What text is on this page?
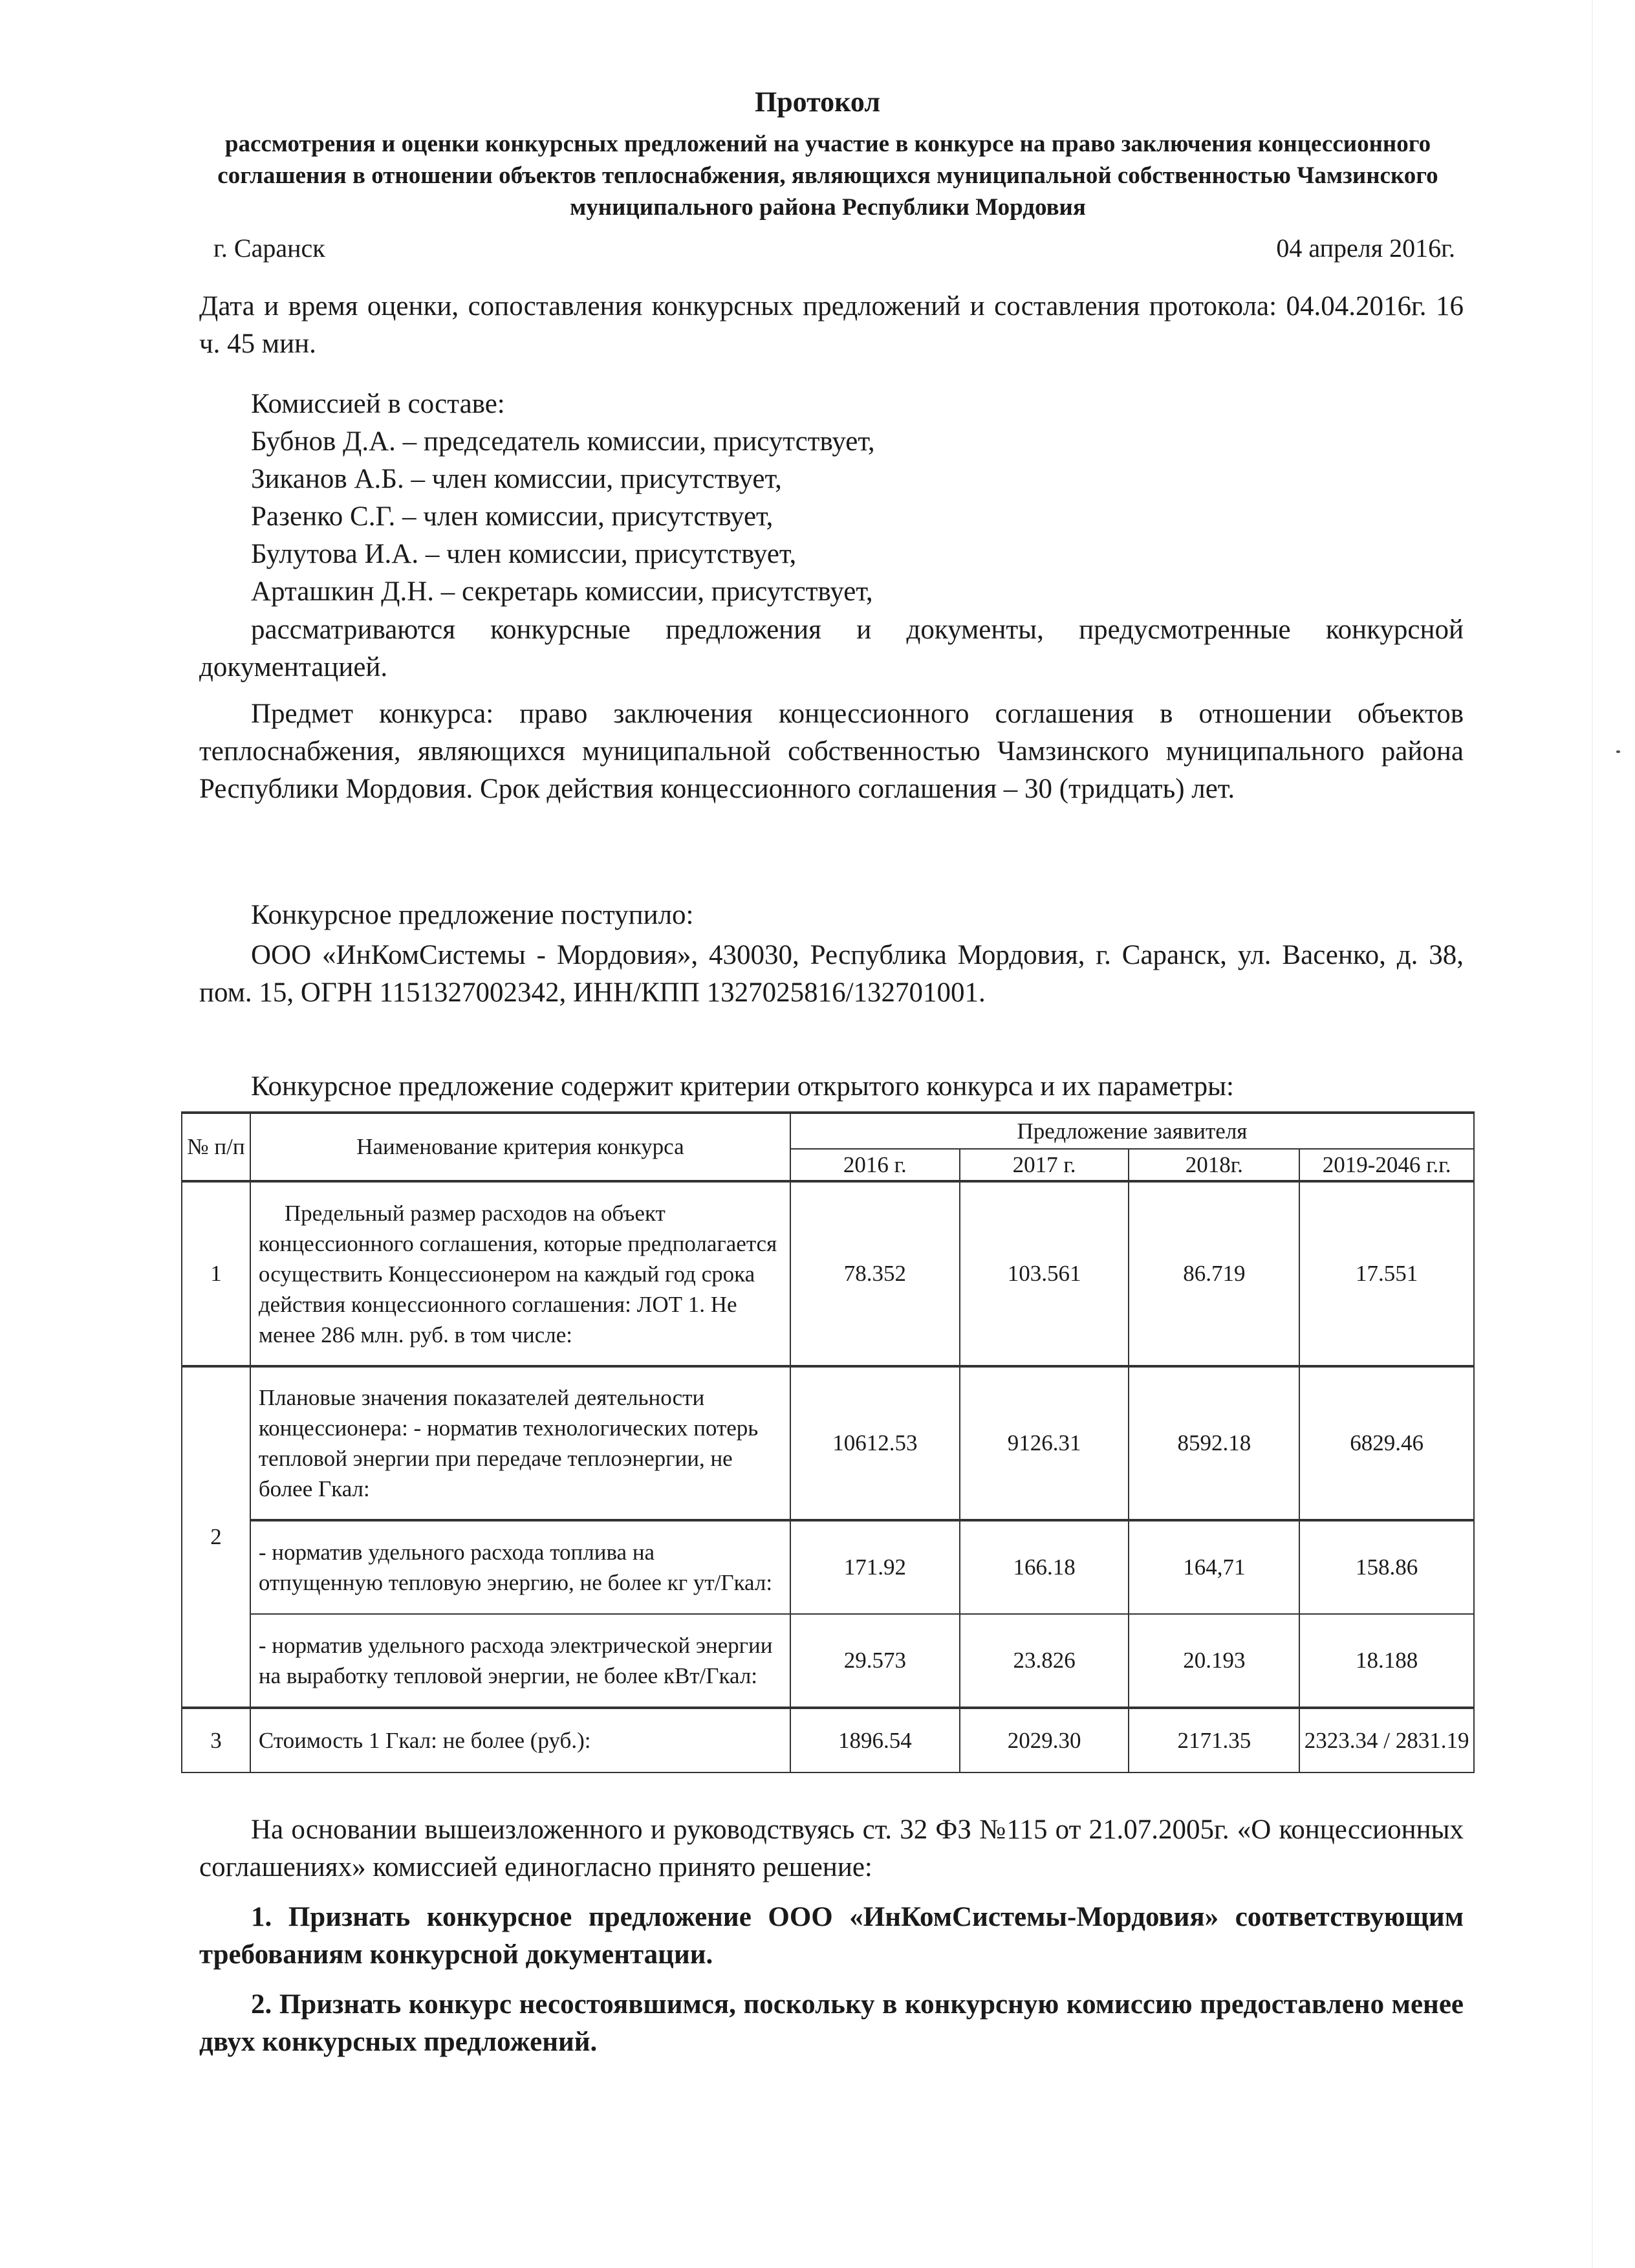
Протокол
рассмотрения и оценки конкурсных предложений на участие в конкурсе на право заключения концессионного соглашения в отношении объектов теплоснабжения, являющихся муниципальной собственностью Чамзинского муниципального района Республики Мордовия
г. Саранск	04 апреля 2016г.
Дата и время оценки, сопоставления конкурсных предложений и составления протокола: 04.04.2016г. 16 ч. 45 мин.
Комиссией в составе:
Бубнов Д.А. – председатель комиссии, присутствует,
Зиканов А.Б. – член комиссии, присутствует,
Разенко С.Г. – член комиссии, присутствует,
Булутова И.А. – член комиссии, присутствует,
Арташкин Д.Н. – секретарь комиссии, присутствует,
рассматриваются конкурсные предложения и документы, предусмотренные конкурсной документацией.
Предмет конкурса: право заключения концессионного соглашения в отношении объектов теплоснабжения, являющихся муниципальной собственностью Чамзинского муниципального района Республики Мордовия. Срок действия концессионного соглашения – 30 (тридцать) лет.
Конкурсное предложение поступило:
ООО «ИнКомСистемы - Мордовия», 430030, Республика Мордовия, г. Саранск, ул. Васенко, д. 38, пом. 15, ОГРН 1151327002342, ИНН/КПП 1327025816/132701001.
Конкурсное предложение содержит критерии открытого конкурса и их параметры:
№ п/п	Наименование критерия конкурса	Предложение заявителя			
		2016 г.	2017 г.	2018г.	2019-2046 г.г.
1	Предельный размер расходов на объект концессионного соглашения, которые предполагается осуществить Концессионером на каждый год срока действия концессионного соглашения: ЛОТ 1. Не менее 286 млн. руб. в том числе:	78.352	103.561	86.719	17.551
2	Плановые значения показателей деятельности концессионера: - норматив технологических потерь тепловой энергии при передаче теплоэнергии, не более Гкал:	10612.53	9126.31	8592.18	6829.46
	- норматив удельного расхода топлива на отпущенную тепловую энергию, не более кг ут/Гкал:	171.92	166.18	164,71	158.86
	- норматив удельного расхода электрической энергии на выработку тепловой энергии, не более кВт/Гкал:	29.573	23.826	20.193	18.188
3	Стоимость 1 Гкал: не более (руб.):	1896.54	2029.30	2171.35	2323.34 / 2831.19
На основании вышеизложенного и руководствуясь ст. 32 ФЗ №115 от 21.07.2005г. «О концессионных соглашениях» комиссией единогласно принято решение:
1. Признать конкурсное предложение ООО «ИнКомСистемы-Мордовия» соответствующим требованиям конкурсной документации.
2. Признать конкурс несостоявшимся, поскольку в конкурсную комиссию предоставлено менее двух конкурсных предложений.
